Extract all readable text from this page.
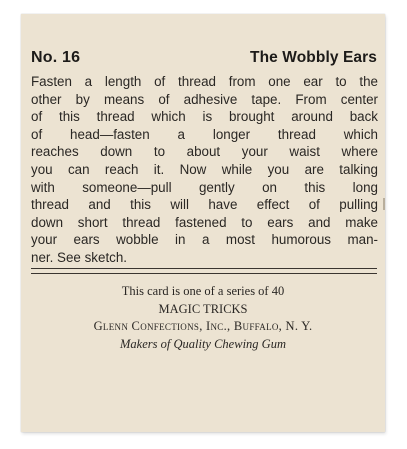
No. 16	The Wobbly Ears

Fasten a length of thread from one ear to the
other by means of adhesive tape. From center
of this thread which is brought around back
of head—fasten a longer thread which
reaches down to about your waist where
you can reach it. Now while you are talking
with someone—pull gently on this long
thread and this will have effect of pulling
down short thread fastened to ears and make
your ears wobble in a most humorous man-
ner. See sketch.

This card is one of a series of 40
MAGIC TRICKS
Glenn Confections, Inc., Buffalo, N. Y.
Makers of Quality Chewing Gum
